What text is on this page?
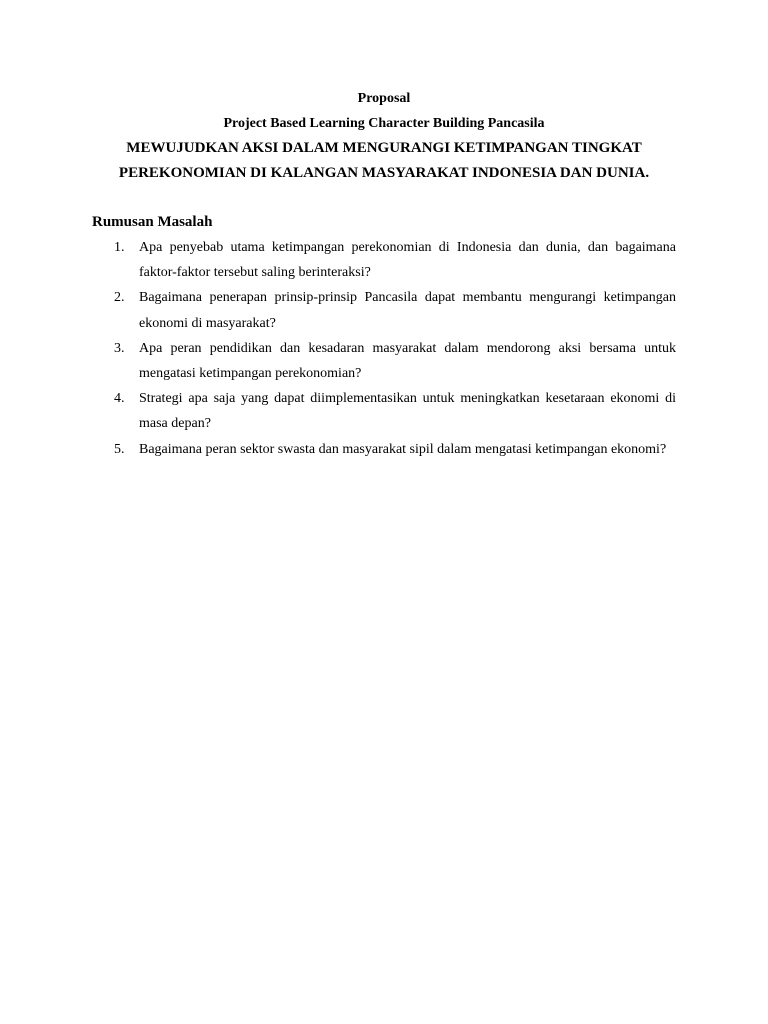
Proposal
Project Based Learning Character Building Pancasila
MEWUJUDKAN AKSI DALAM MENGURANGI KETIMPANGAN TINGKAT
PEREKONOMIAN DI KALANGAN MASYARAKAT INDONESIA DAN DUNIA.

Rumusan Masalah

1. Apa penyebab utama ketimpangan perekonomian di Indonesia dan dunia, dan bagaimana faktor-faktor tersebut saling berinteraksi?
2. Bagaimana penerapan prinsip-prinsip Pancasila dapat membantu mengurangi ketimpangan ekonomi di masyarakat?
3. Apa peran pendidikan dan kesadaran masyarakat dalam mendorong aksi bersama untuk mengatasi ketimpangan perekonomian?
4. Strategi apa saja yang dapat diimplementasikan untuk meningkatkan kesetaraan ekonomi di masa depan?
5. Bagaimana peran sektor swasta dan masyarakat sipil dalam mengatasi ketimpangan ekonomi?
